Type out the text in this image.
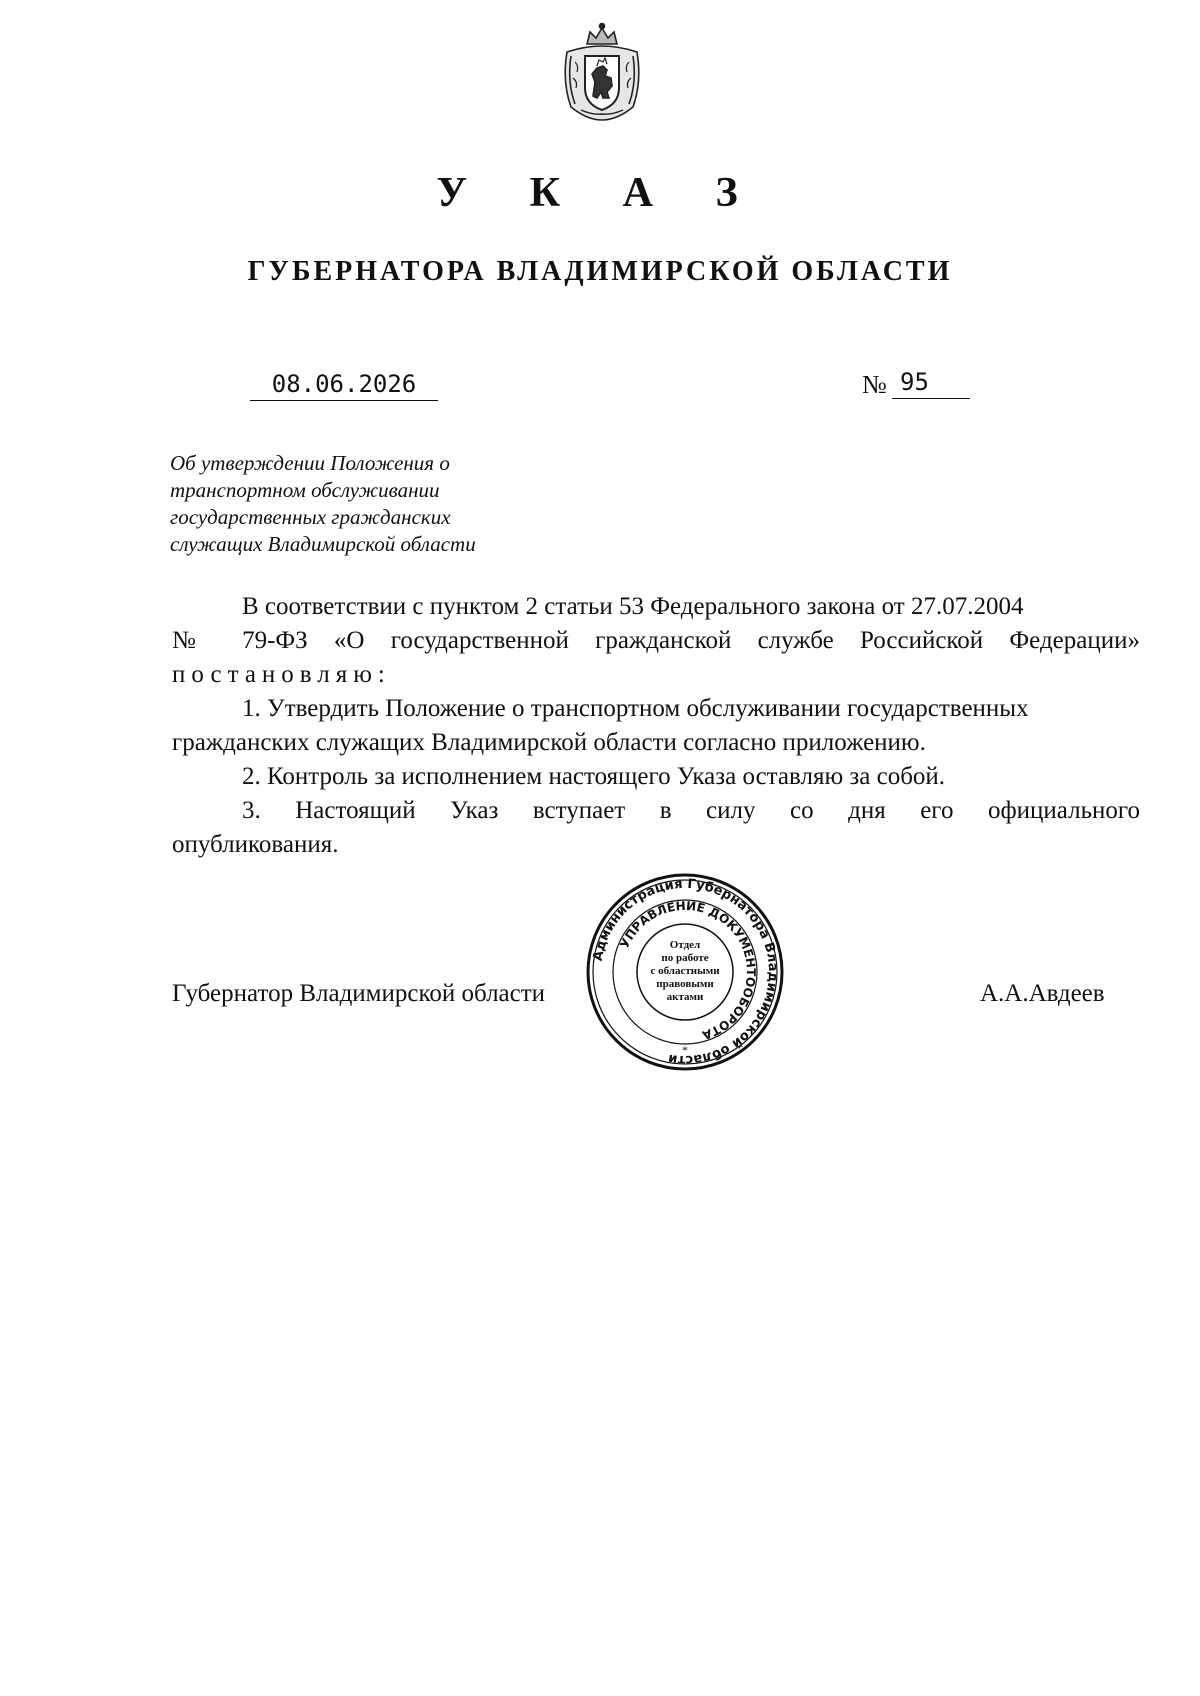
У К А З
ГУБЕРНАТОРА ВЛАДИМИРСКОЙ ОБЛАСТИ
08.06.2026	№ 95
Об утверждении Положения о
транспортном обслуживании
государственных гражданских
служащих Владимирской области

В соответствии с пунктом 2 статьи 53 Федерального закона от 27.07.2004

№ 79-ФЗ «О государственной гражданской службе Российской Федерации»

постановляю:

1. Утвердить Положение о транспортном обслуживании государственных

гражданских служащих Владимирской области согласно приложению.

2. Контроль за исполнением настоящего Указа оставляю за собой.

3. Настоящий Указ вступает в силу со дня его официального

опубликования.

Губернатор Владимирской области	А.А.Авдеев
Администрация Губернатора Владимирской области
УПРАВЛЕНИЕ ДОКУМЕНТООБОРОТА
Отдел
по работе
с областными
правовыми
актами
*
